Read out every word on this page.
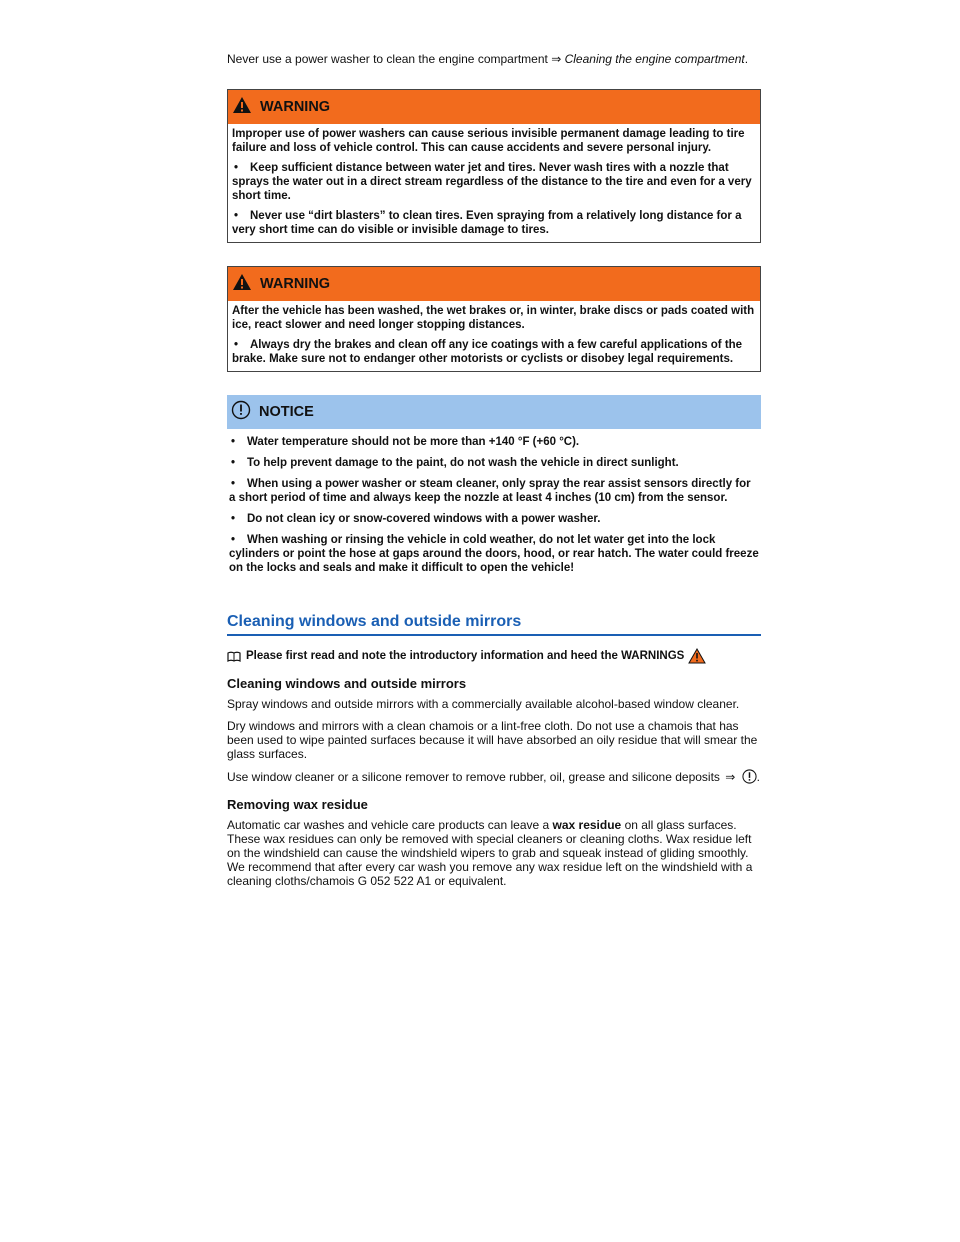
Never use a power washer to clean the engine compartment ⇒ Cleaning the engine compartment.

WARNING

Improper use of power washers can cause serious invisible permanent damage leading to tire failure and loss of vehicle control. This can cause accidents and severe personal injury.

• Keep sufficient distance between water jet and tires. Never wash tires with a nozzle that sprays the water out in a direct stream regardless of the distance to the tire and even for a very short time.

• Never use “dirt blasters” to clean tires. Even spraying from a relatively long distance for a very short time can do visible or invisible damage to tires.

WARNING

After the vehicle has been washed, the wet brakes or, in winter, brake discs or pads coated with ice, react slower and need longer stopping distances.

• Always dry the brakes and clean off any ice coatings with a few careful applications of the brake. Make sure not to endanger other motorists or cyclists or disobey legal requirements.

NOTICE

• Water temperature should not be more than +140 °F (+60 °C).

• To help prevent damage to the paint, do not wash the vehicle in direct sunlight.

• When using a power washer or steam cleaner, only spray the rear assist sensors directly for a short period of time and always keep the nozzle at least 4 inches (10 cm) from the sensor.

• Do not clean icy or snow-covered windows with a power washer.

• When washing or rinsing the vehicle in cold weather, do not let water get into the lock cylinders or point the hose at gaps around the doors, hood, or rear hatch. The water could freeze on the locks and seals and make it difficult to open the vehicle!

Cleaning windows and outside mirrors
Please first read and note the introductory information and heed the WARNINGS
Cleaning windows and outside mirrors

Spray windows and outside mirrors with a commercially available alcohol-based window cleaner.

Dry windows and mirrors with a clean chamois or a lint-free cloth. Do not use a chamois that has been used to wipe painted surfaces because it will have absorbed an oily residue that will smear the glass surfaces.

Use window cleaner or a silicone remover to remove rubber, oil, grease and silicone deposits ⇒ .

Removing wax residue

Automatic car washes and vehicle care products can leave a wax residue on all glass surfaces. These wax residues can only be removed with special cleaners or cleaning cloths. Wax residue left on the windshield can cause the windshield wipers to grab and squeak instead of gliding smoothly. We recommend that after every car wash you remove any wax residue left on the windshield with a cleaning cloths/chamois G 052 522 A1 or equivalent.
